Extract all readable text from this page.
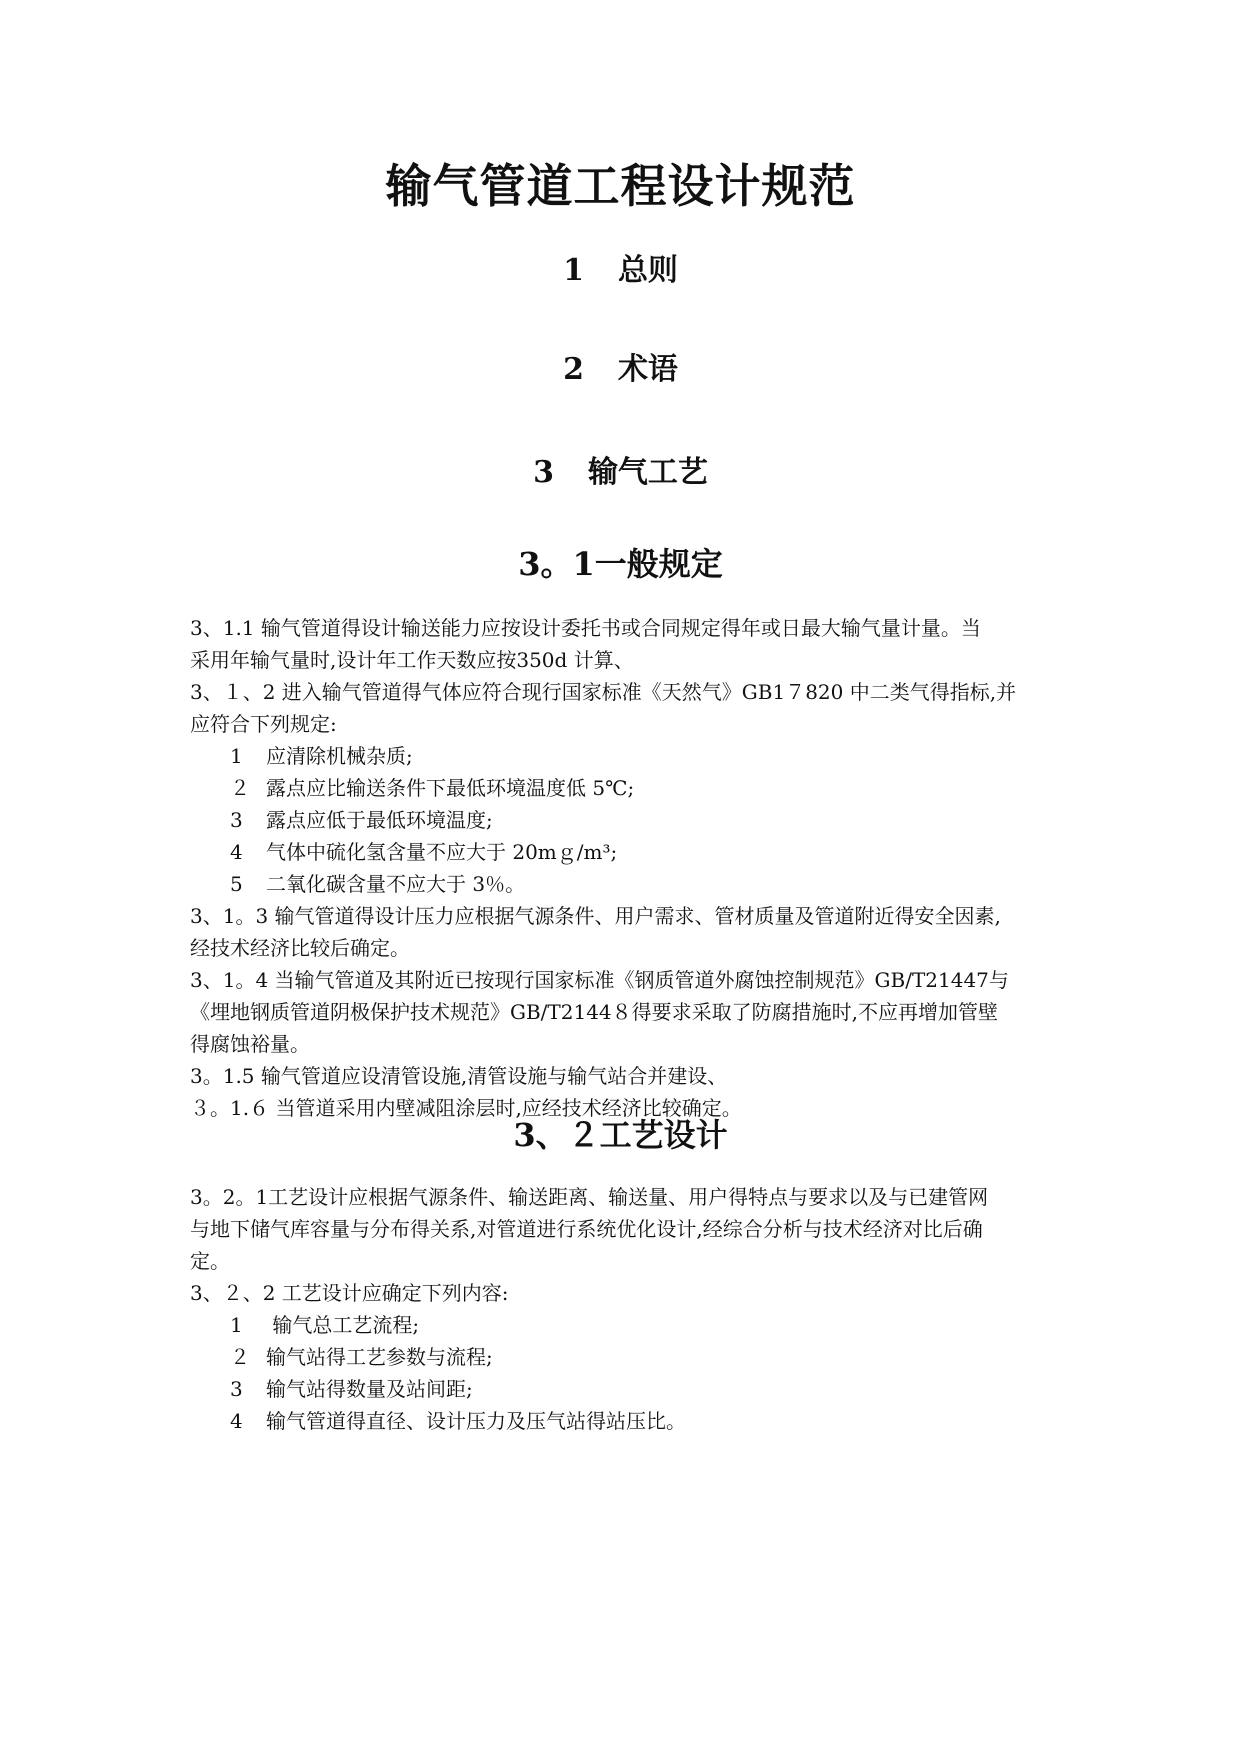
输气管道工程设计规范
1 总则
2 术语
3 输气工艺
3。1一般规定
3、1.1 输气管道得设计输送能力应按设计委托书或合同规定得年或日最大输气量计量。当
采用年输气量时,设计年工作天数应按350d 计算、
3、１、2 进入输气管道得气体应符合现行国家标准《天然气》GB1７820 中二类气得指标,并
应符合下列规定:
1 应清除机械杂质;
２ 露点应比输送条件下最低环境温度低 5℃;
3 露点应低于最低环境温度;
4 气体中硫化氢含量不应大于 20mｇ/m³;
5 二氧化碳含量不应大于 3％。
3、1。3 输气管道得设计压力应根据气源条件、用户需求、管材质量及管道附近得安全因素,
经技术经济比较后确定。
3、1。4 当输气管道及其附近已按现行国家标准《钢质管道外腐蚀控制规范》GB/T21447与
《埋地钢质管道阴极保护技术规范》GB/T2144８得要求采取了防腐措施时,不应再增加管壁
得腐蚀裕量。
3。1.5 输气管道应设清管设施,清管设施与输气站合并建设、
３。1.６ 当管道采用内壁减阻涂层时,应经技术经济比较确定。
3、２工艺设计
3。2。1工艺设计应根据气源条件、输送距离、输送量、用户得特点与要求以及与已建管网
与地下储气库容量与分布得关系,对管道进行系统优化设计,经综合分析与技术经济对比后确
定。
3、２、2 工艺设计应确定下列内容:
1 输气总工艺流程;
２ 输气站得工艺参数与流程;
3 输气站得数量及站间距;
4 输气管道得直径、设计压力及压气站得站压比。
